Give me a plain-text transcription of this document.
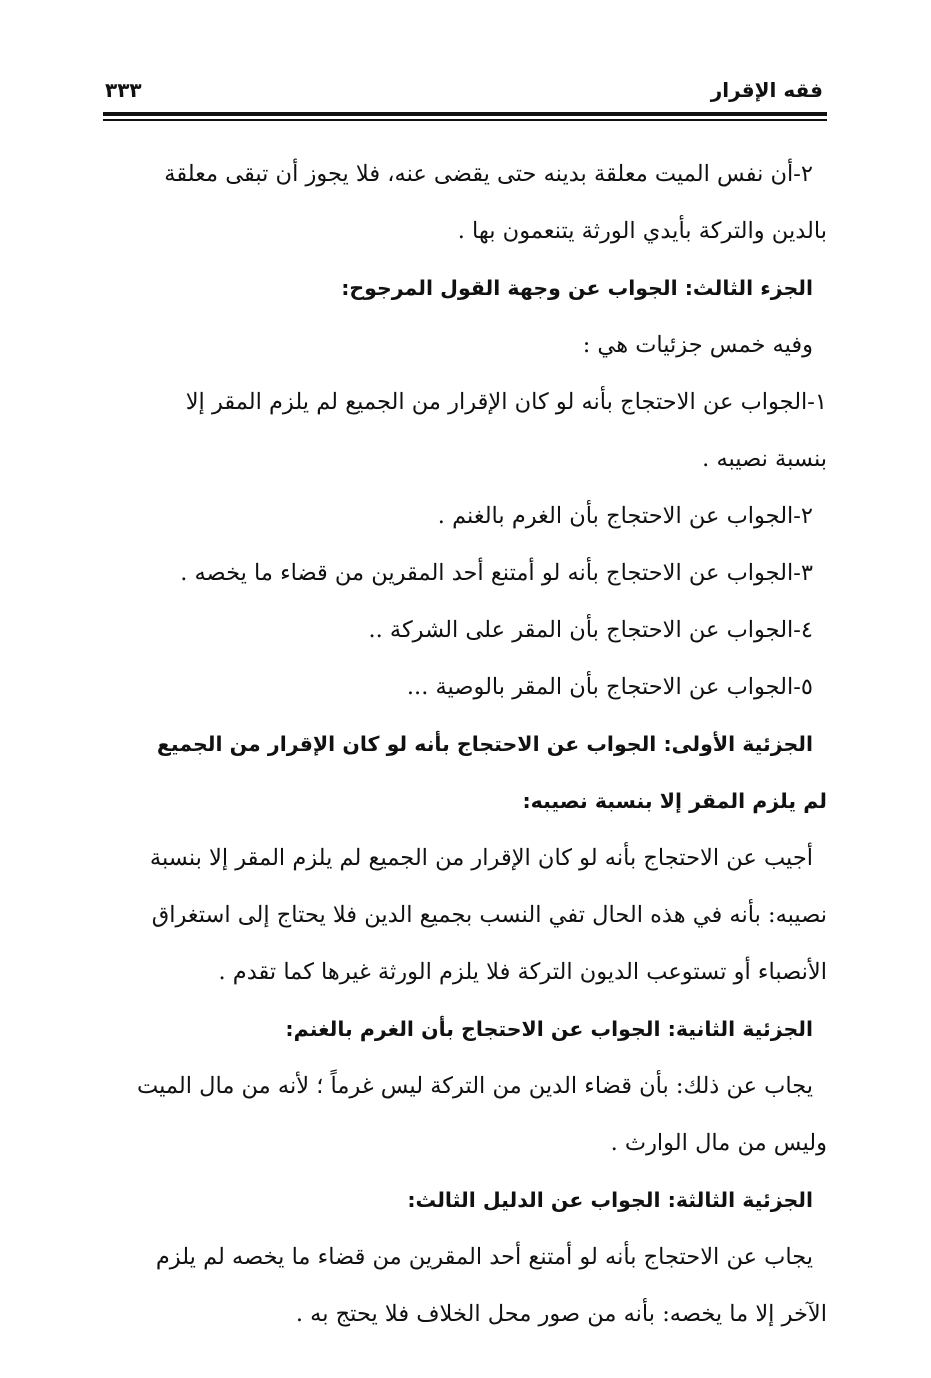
فقه الإقرار
٣٣٣
٢-أن نفس الميت معلقة بدينه حتى يقضى عنه، فلا يجوز أن تبقى معلقة
بالدين والتركة بأيدي الورثة يتنعمون بها .
الجزء الثالث: الجواب عن وجهة القول المرجوح:
وفيه خمس جزئيات هي :
١-الجواب عن الاحتجاج بأنه لو كان الإقرار من الجميع لم يلزم المقر إلا
بنسبة نصيبه .
٢-الجواب عن الاحتجاج بأن الغرم بالغنم .
٣-الجواب عن الاحتجاج بأنه لو أمتنع أحد المقرين من قضاء ما يخصه .
٤-الجواب عن الاحتجاج بأن المقر على الشركة ..
٥-الجواب عن الاحتجاج بأن المقر بالوصية ...
الجزئية الأولى: الجواب عن الاحتجاج بأنه لو كان الإقرار من الجميع
لم يلزم المقر إلا بنسبة نصيبه:
أجيب عن الاحتجاج بأنه لو كان الإقرار من الجميع لم يلزم المقر إلا بنسبة
نصيبه: بأنه في هذه الحال تفي النسب بجميع الدين فلا يحتاج إلى استغراق
الأنصباء أو تستوعب الديون التركة فلا يلزم الورثة غيرها كما تقدم .
الجزئية الثانية: الجواب عن الاحتجاج بأن الغرم بالغنم:
يجاب عن ذلك: بأن قضاء الدين من التركة ليس غرماً ؛ لأنه من مال الميت
وليس من مال الوارث .
الجزئية الثالثة: الجواب عن الدليل الثالث:
يجاب عن الاحتجاج بأنه لو أمتنع أحد المقرين من قضاء ما يخصه لم يلزم
الآخر إلا ما يخصه: بأنه من صور محل الخلاف فلا يحتج به .
